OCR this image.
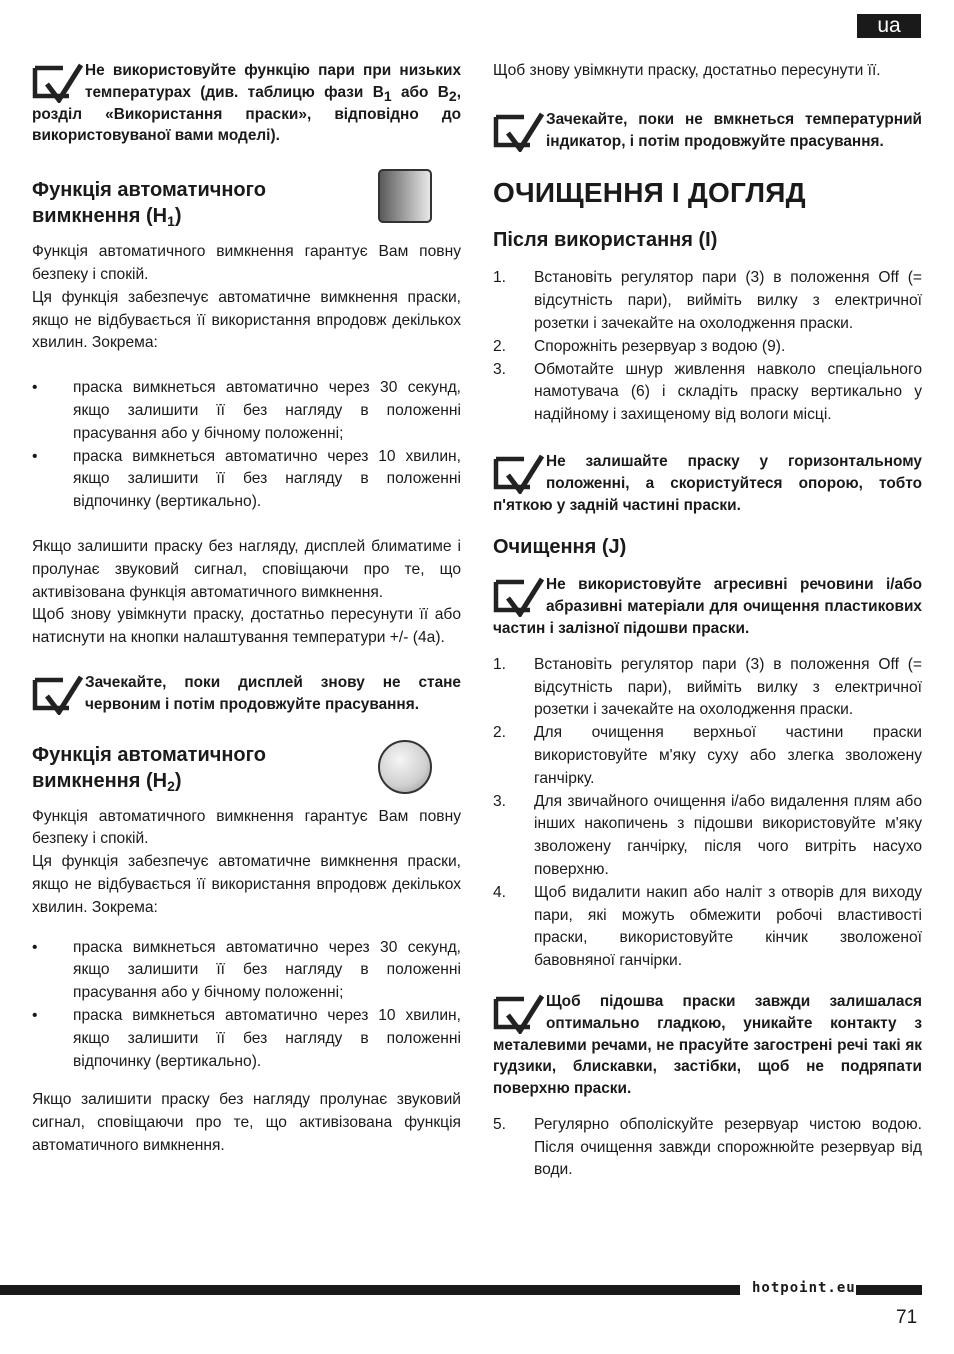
ua
Не використовуйте функцію пари при низьких температурах (див. таблицю фази B1 або B2, розділ «Використання праски», відповідно до використовуваної вами моделі).
Функція автоматичного вимкнення $(H_1)$

Функція автоматичного вимкнення гарантує Вам повну безпеку і спокій.

Ця функція забезпечує автоматичне вимкнення праски, якщо не відбувається її використання впродовж декількох хвилин. Зокрема:

• праска вимкнеться автоматично через 30 секунд, якщо залишити її без нагляду в положенні прасування або у бічному положенні;
• праска вимкнеться автоматично через 10 хвилин, якщо залишити її без нагляду в положенні відпочинку (вертикально).

Якщо залишити праску без нагляду, дисплей блиматиме і пролунає звуковий сигнал, сповіщаючи про те, що активізована функція автоматичного вимкнення.

Щоб знову увімкнути праску, достатньо пересунути її або натиснути на кнопки налаштування температури +/- (4a).

Зачекайте, поки дисплей знову не стане червоним і потім продовжуйте прасування.
Функція автоматичного вимкнення $(H_2)$

Функція автоматичного вимкнення гарантує Вам повну безпеку і спокій.

Ця функція забезпечує автоматичне вимкнення праски, якщо не відбувається її використання впродовж декількох хвилин. Зокрема:

• праска вимкнеться автоматично через 30 секунд, якщо залишити її без нагляду в положенні прасування або у бічному положенні;
• праска вимкнеться автоматично через 10 хвилин, якщо залишити її без нагляду в положенні відпочинку (вертикально).

Якщо залишити праску без нагляду пролунає звуковий сигнал, сповіщаючи про те, що активізована функція автоматичного вимкнення.

Щоб знову увімкнути праску, достатньо пересунути її.

Зачекайте, поки не вмкнеться температурний індикатор, і потім продовжуйте прасування.
ОЧИЩЕННЯ І ДОГЛЯД
Після використання (I)
1. Встановіть регулятор пари (3) в положення Off (= відсутність пари), вийміть вилку з електричної розетки і зачекайте на охолодження праски.
2. Спорожніть резервуар з водою (9).
3. Обмотайте шнур живлення навколо спеціального намотувача (6) і складіть праску вертикально у надійному і захищеному від вологи місці.
Не залишайте праску у горизонтальному положенні, а скористуйтеся опорою, тобто п'яткою у задній частині праски.
Очищення (J)
Не використовуйте агресивні речовини і/або абразивні матеріали для очищення пластикових частин і залізної підошви праски.
1. Встановіть регулятор пари (3) в положення Off (= відсутність пари), вийміть вилку з електричної розетки і зачекайте на охолодження праски.
2. Для очищення верхньої частини праски використовуйте м'яку суху або злегка зволожену ганчірку.
3. Для звичайного очищення і/або видалення плям або інших накопичень з підошви використовуйте м'яку зволожену ганчірку, після чого витріть насухо поверхню.
4. Щоб видалити накип або наліт з отворів для виходу пари, які можуть обмежити робочі властивості праски, використовуйте кінчик зволоженої бавовняної ганчірки.
Щоб підошва праски завжди залишалася оптимально гладкою, уникайте контакту з металевими речами, не прасуйте загострені речі такі як гудзики, блискавки, застібки, щоб не подряпати поверхню праски.
5. Регулярно обполіскуйте резервуар чистою водою. Після очищення завжди спорожнюйте резервуар від води.
hotpoint.eu
71
